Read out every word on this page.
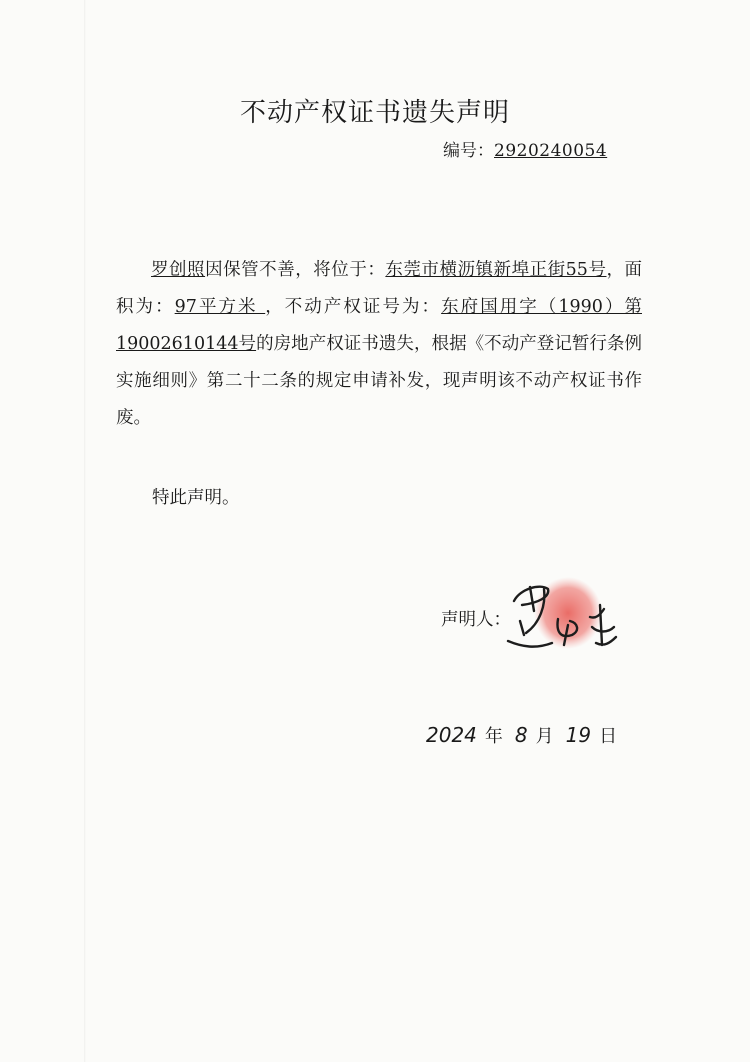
不动产权证书遗失声明
编号：2920240054

罗创照因保管不善，将位于：东莞市横沥镇新埠正街55号，面积为：97平方米 ，不动产权证号为：东府国用字（1990）第19002610144号的房地产权证书遗失，根据《不动产登记暂行条例实施细则》第二十二条的规定申请补发，现声明该不动产权证书作废。

特此声明。
声明人：
2024 年 8 月 19 日
